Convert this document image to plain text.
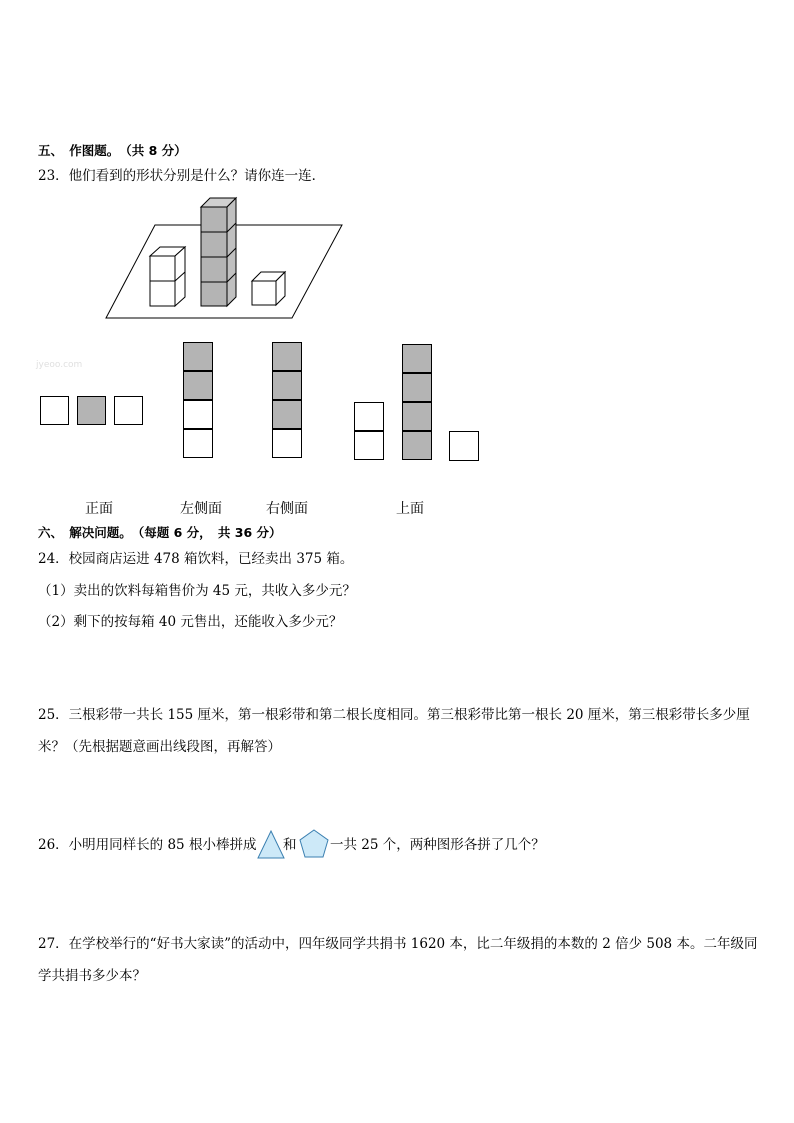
五、　作图题。　（共 8 分）
23．他们看到的形状分别是什么？请你连一连．
jyeoo.com
正面	左侧面	右侧面	上面
六、　解决问题。　（每题 6 分，　共 36 分）
24．校园商店运进 478 箱饮料，已经卖出 375 箱。
（1）卖出的饮料每箱售价为 45 元，共收入多少元？
（2）剩下的按每箱 40 元售出，还能收入多少元？
25．三根彩带一共长 155 厘米，第一根彩带和第二根长度相同。第三根彩带比第一根长 20 厘米，第三根彩带长多少厘
米？（先根据题意画出线段图，再解答）
26．小明用同样长的 85 根小棒拼成 和 一共 25 个，两种图形各拼了几个？
27．在学校举行的“好书大家读”的活动中，四年级同学共捐书 1620 本，比二年级捐的本数的 2 倍少 508 本。二年级同
学共捐书多少本？
